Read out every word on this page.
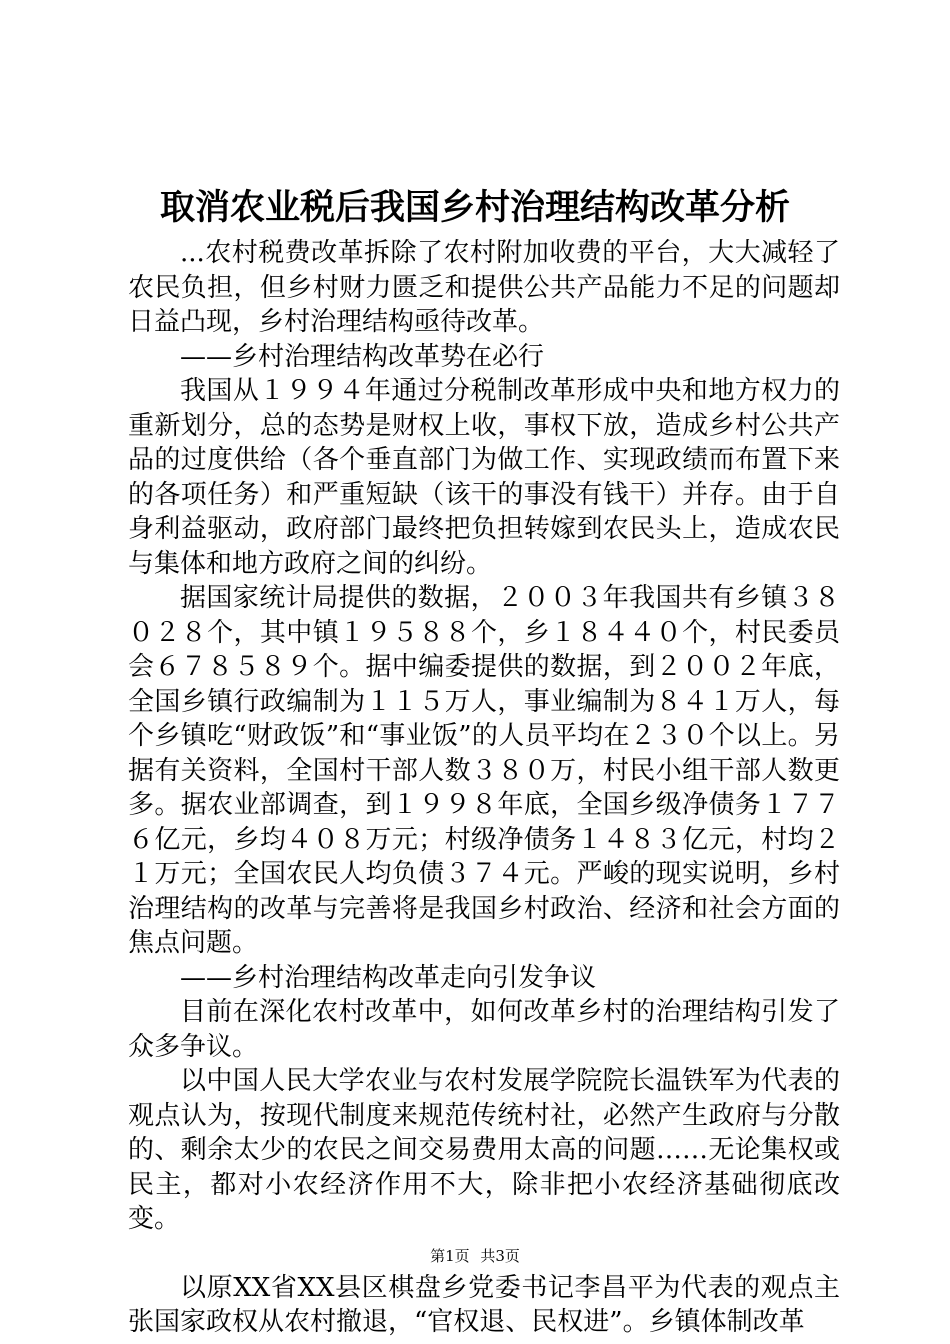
取消农业税后我国乡村治理结构改革分析

...农村税费改革拆除了农村附加收费的平台，大大减轻了农民负担，但乡村财力匮乏和提供公共产品能力不足的问题却日益凸现，乡村治理结构亟待改革。

——乡村治理结构改革势在必行

我国从１９９４年通过分税制改革形成中央和地方权力的重新划分，总的态势是财权上收，事权下放，造成乡村公共产品的过度供给（各个垂直部门为做工作、实现政绩而布置下来的各项任务）和严重短缺（该干的事没有钱干）并存。由于自身利益驱动，政府部门最终把负担转嫁到农民头上，造成农民与集体和地方政府之间的纠纷。

据国家统计局提供的数据，２００３年我国共有乡镇３８０２８个，其中镇１９５８８个，乡１８４４０个，村民委员会６７８５８９个。据中编委提供的数据，到２００２年底，全国乡镇行政编制为１１５万人，事业编制为８４１万人，每个乡镇吃“财政饭”和“事业饭”的人员平均在２３０个以上。另据有关资料，全国村干部人数３８０万，村民小组干部人数更多。据农业部调查，到１９９８年底，全国乡级净债务１７７６亿元，乡均４０８万元；村级净债务１４８３亿元，村均２１万元；全国农民人均负债３７４元。严峻的现实说明，乡村治理结构的改革与完善将是我国乡村政治、经济和社会方面的焦点问题。

——乡村治理结构改革走向引发争议

目前在深化农村改革中，如何改革乡村的治理结构引发了众多争议。

以中国人民大学农业与农村发展学院院长温铁军为代表的观点认为，按现代制度来规范传统村社，必然产生政府与分散的、剩余太少的农民之间交易费用太高的问题……无论集权或民主，都对小农经济作用不大，除非把小农经济基础彻底改变。

以原XX省XX县区棋盘乡党委书记李昌平为代表的观点主张国家政权从农村撤退，“官权退、民权进”。乡镇体制改革

第1页 共3页
